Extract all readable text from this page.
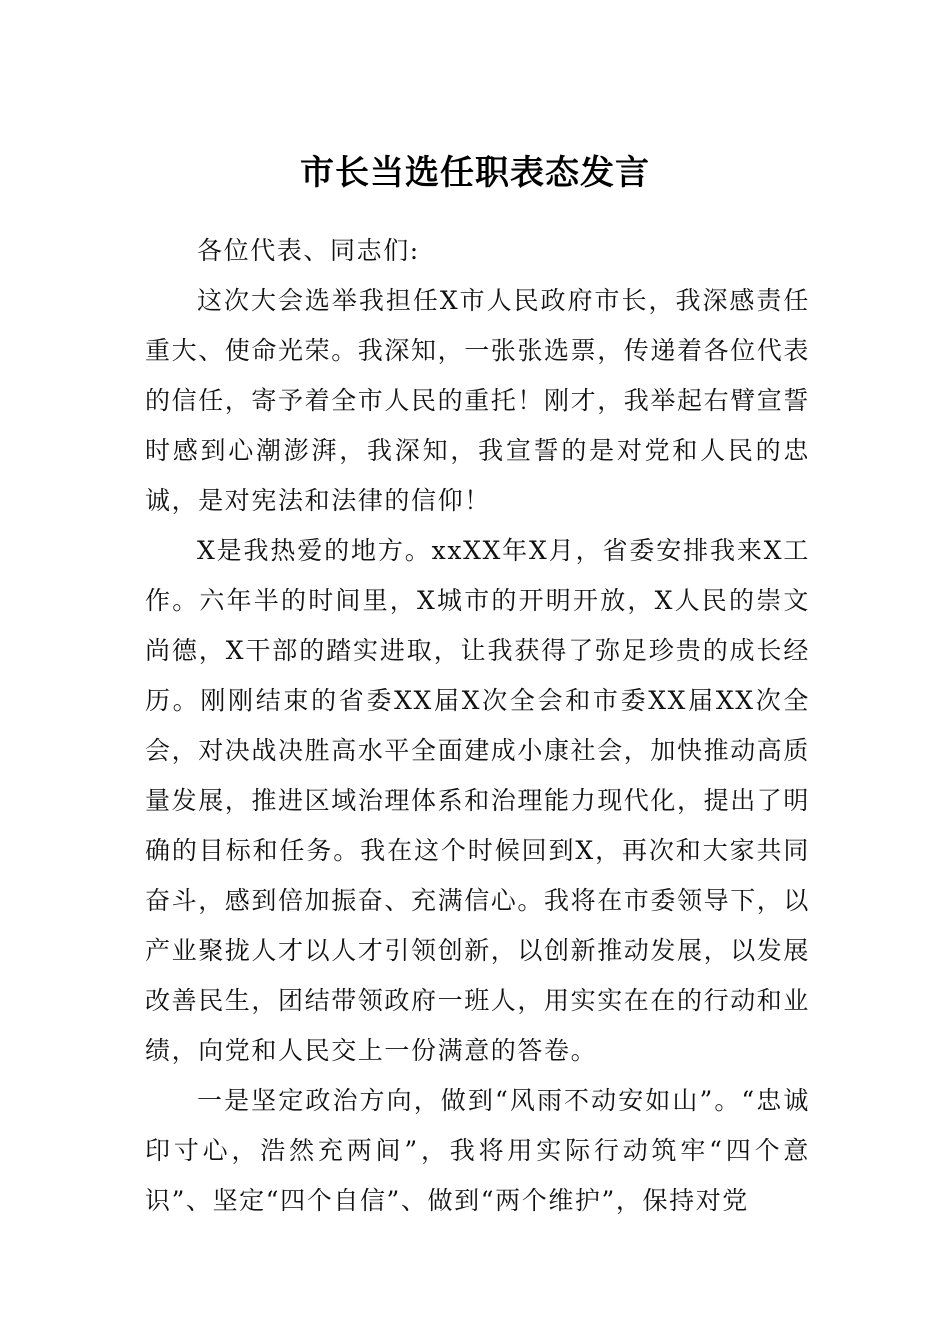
市长当选任职表态发言

各位代表、同志们:

这次大会选举我担任X市人民政府市长，我深感责任重大、使命光荣。我深知，一张张选票，传递着各位代表的信任，寄予着全市人民的重托！刚才，我举起右臂宣誓时感到心潮澎湃，我深知，我宣誓的是对党和人民的忠诚，是对宪法和法律的信仰！

X是我热爱的地方。xxXX年X月，省委安排我来X工作。六年半的时间里，X城市的开明开放，X人民的崇文尚德，X干部的踏实进取，让我获得了弥足珍贵的成长经历。刚刚结束的省委XX届X次全会和市委XX届XX次全会，对决战决胜高水平全面建成小康社会，加快推动高质量发展，推进区域治理体系和治理能力现代化，提出了明确的目标和任务。我在这个时候回到X，再次和大家共同奋斗，感到倍加振奋、充满信心。我将在市委领导下，以产业聚拢人才以人才引领创新，以创新推动发展，以发展改善民生，团结带领政府一班人，用实实在在的行动和业绩，向党和人民交上一份满意的答卷。

一是坚定政治方向，做到“风雨不动安如山”。“忠诚印寸心，浩然充两间”，我将用实际行动筑牢“四个意识”、坚定“四个自信”、做到“两个维护”，保持对党
